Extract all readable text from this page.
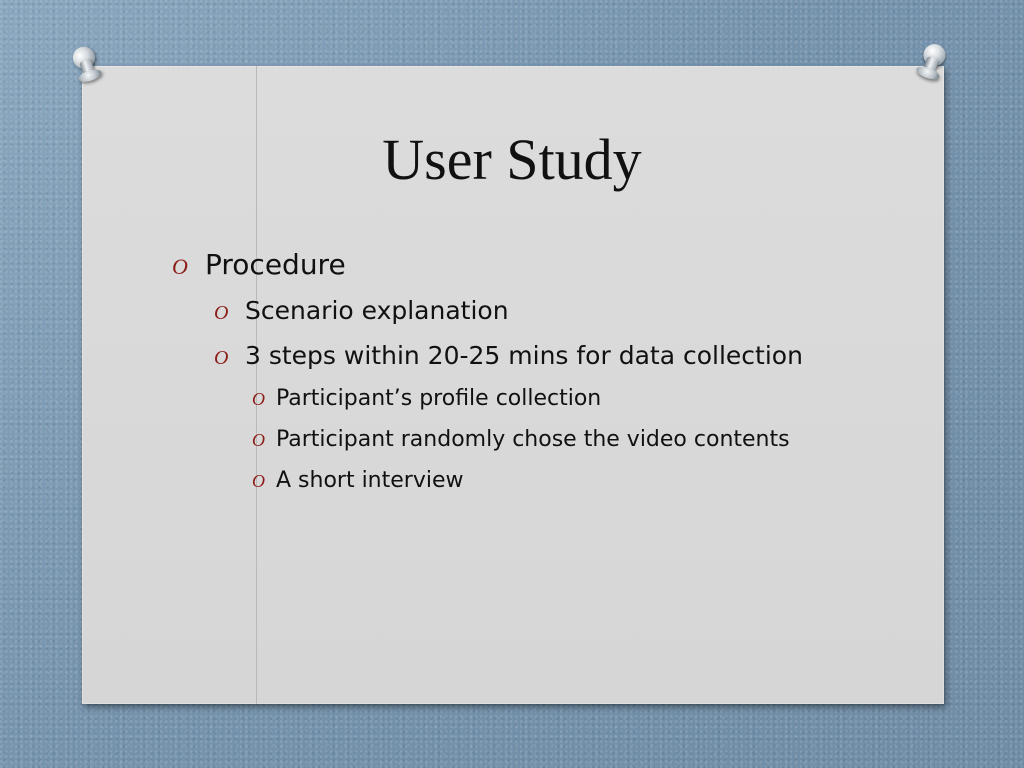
User Study
O Procedure
O Scenario explanation
O 3 steps within 20-25 mins for data collection
O Participant’s profile collection
O Participant randomly chose the video contents
O A short interview
